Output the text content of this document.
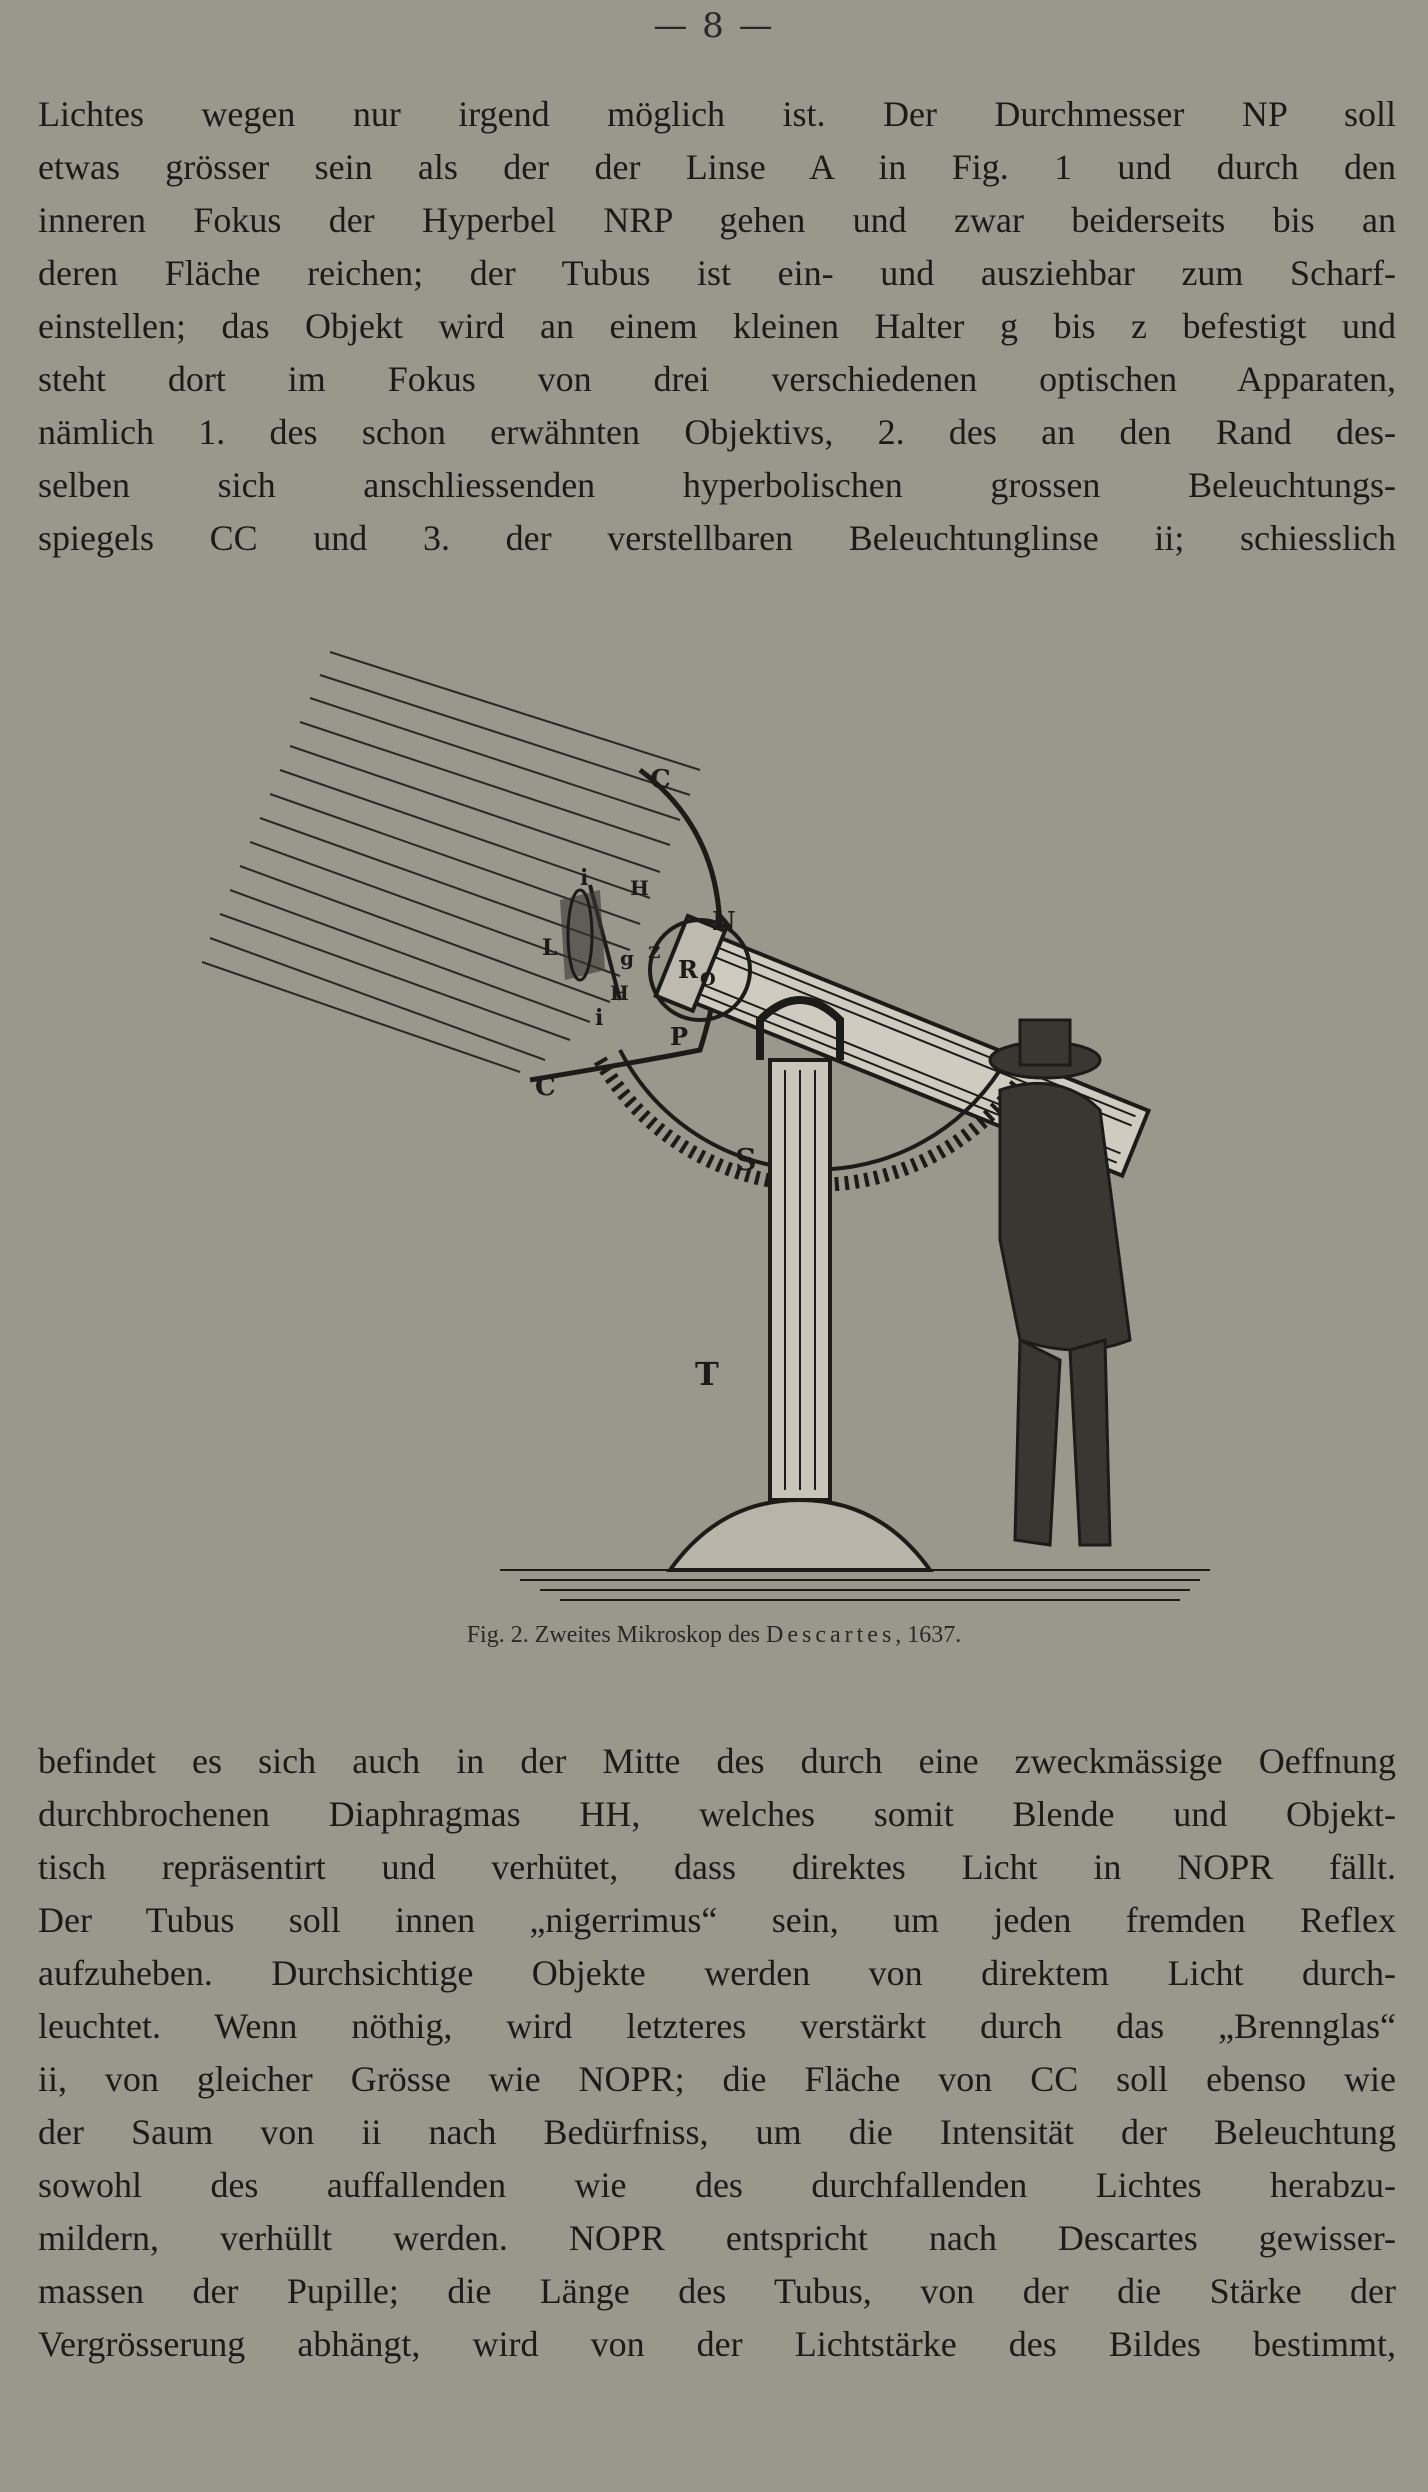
— 8 —
Lichtes wegen nur irgend möglich ist. Der Durchmesser NP soll
etwas grösser sein als der der Linse A in Fig. 1 und durch den
inneren Fokus der Hyperbel NRP gehen und zwar beiderseits bis an
deren Fläche reichen; der Tubus ist ein- und ausziehbar zum Scharf-
einstellen; das Objekt wird an einem kleinen Halter g bis z befestigt und
steht dort im Fokus von drei verschiedenen optischen Apparaten,
nämlich 1. des schon erwähnten Objektivs, 2. des an den Rand des-
selben sich anschliessenden hyperbolischen grossen Beleuchtungs-
spiegels CC und 3. der verstellbaren Beleuchtunglinse ii; schiesslich
C
C
N
R O
P
S
T
z
g
i
i
H
H
L
Fig. 2. Zweites Mikroskop des Descartes, 1637.
befindet es sich auch in der Mitte des durch eine zweckmässige Oeffnung
durchbrochenen Diaphragmas HH, welches somit Blende und Objekt-
tisch repräsentirt und verhütet, dass direktes Licht in NOPR fällt.
Der Tubus soll innen „nigerrimus“ sein, um jeden fremden Reflex
aufzuheben. Durchsichtige Objekte werden von direktem Licht durch-
leuchtet. Wenn nöthig, wird letzteres verstärkt durch das „Brennglas“
ii, von gleicher Grösse wie NOPR; die Fläche von CC soll ebenso wie
der Saum von ii nach Bedürfniss, um die Intensität der Beleuchtung
sowohl des auffallenden wie des durchfallenden Lichtes herabzu-
mildern, verhüllt werden. NOPR entspricht nach Descartes gewisser-
massen der Pupille; die Länge des Tubus, von der die Stärke der
Vergrösserung abhängt, wird von der Lichtstärke des Bildes bestimmt,
